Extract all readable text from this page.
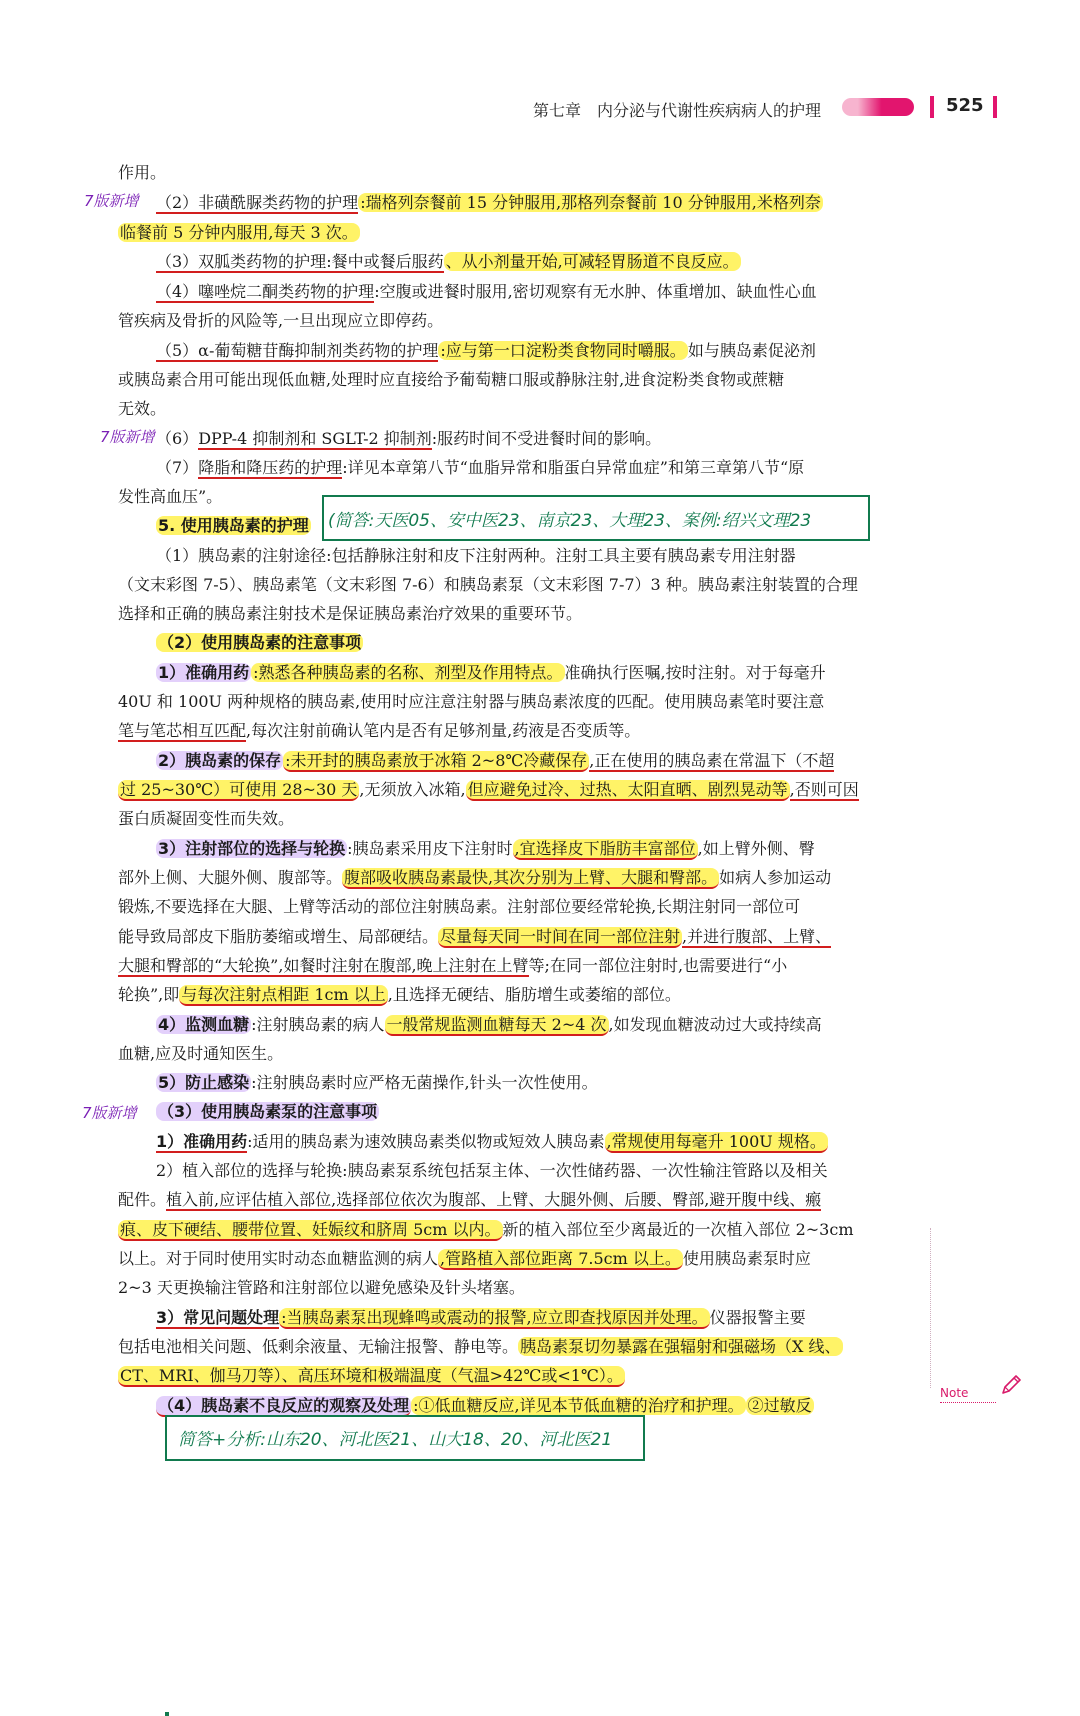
第七章　内分泌与代谢性疾病病人的护理	525
7版新增
7版新增
7版新增
(简答:天医05、安中医23、南京23、大理23、案例:绍兴文理23
作用。
（2）非磺酰脲类药物的护理 :瑞格列奈餐前 15 分钟服用,那格列奈餐前 10 分钟服用,米格列奈
临餐前 5 分钟内服用,每天 3 次。
（3）双胍类药物的护理:餐中或餐后服药 、从小剂量开始,可减轻胃肠道不良反应。
（4）噻唑烷二酮类药物的护理:空腹或进餐时服用,密切观察有无水肿、体重增加、缺血性心血
管疾病及骨折的风险等,一旦出现应立即停药。
（5）α-葡萄糖苷酶抑制剂类药物的护理 :应与第一口淀粉类食物同时嚼服。 如与胰岛素促泌剂
或胰岛素合用可能出现低血糖,处理时应直接给予葡萄糖口服或静脉注射,进食淀粉类食物或蔗糖
无效。
（6）DPP-4 抑制剂和 SGLT-2 抑制剂:服药时间不受进餐时间的影响。
（7）降脂和降压药的护理:详见本章第八节“血脂异常和脂蛋白异常血症”和第三章第八节“原
发性高血压”。
5. 使用胰岛素的护理
（1）胰岛素的注射途径:包括静脉注射和皮下注射两种。注射工具主要有胰岛素专用注射器
（文末彩图 7-5）、胰岛素笔（文末彩图 7-6）和胰岛素泵（文末彩图 7-7）3 种。胰岛素注射装置的合理
选择和正确的胰岛素注射技术是保证胰岛素治疗效果的重要环节。
（2）使用胰岛素的注意事项
1）准确用药 :熟悉各种胰岛素的名称、剂型及作用特点。 准确执行医嘱,按时注射。对于每毫升
40U 和 100U 两种规格的胰岛素,使用时应注意注射器与胰岛素浓度的匹配。使用胰岛素笔时要注意
笔与笔芯相互匹配,每次注射前确认笔内是否有足够剂量,药液是否变质等。
2）胰岛素的保存 :未开封的胰岛素放于冰箱 2~8℃冷藏保存 ,正在使用的胰岛素在常温下（不超
过 25~30℃）可使用 28~30 天 ,无须放入冰箱, 但应避免过冷、过热、太阳直晒、剧烈晃动等 ,否则可因
蛋白质凝固变性而失效。
3）注射部位的选择与轮换 :胰岛素采用皮下注射时 ,宜选择皮下脂肪丰富部位 ,如上臂外侧、臀
部外上侧、大腿外侧、腹部等。 腹部吸收胰岛素最快,其次分别为上臂、大腿和臀部。 如病人参加运动
锻炼,不要选择在大腿、上臂等活动的部位注射胰岛素。注射部位要经常轮换,长期注射同一部位可
能导致局部皮下脂肪萎缩或增生、局部硬结。 尽量每天同一时间在同一部位注射 ,并进行腹部、上臂、
大腿和臀部的“大轮换”,如餐时注射在腹部,晚上注射在上臂等;在同一部位注射时,也需要进行“小
轮换”,即 与每次注射点相距 1cm 以上 ,且选择无硬结、脂肪增生或萎缩的部位。
4）监测血糖 :注射胰岛素的病人 一般常规监测血糖每天 2~4 次 ,如发现血糖波动过大或持续高
血糖,应及时通知医生。
5）防止感染 :注射胰岛素时应严格无菌操作,针头一次性使用。
（3）使用胰岛素泵的注意事项
1）准确用药:适用的胰岛素为速效胰岛素类似物或短效人胰岛素 ,常规使用每毫升 100U 规格。
2）植入部位的选择与轮换:胰岛素泵系统包括泵主体、一次性储药器、一次性输注管路以及相关
配件。植入前,应评估植入部位,选择部位依次为腹部、上臂、大腿外侧、后腰、臀部,避开腹中线、瘢
痕、皮下硬结、腰带位置、妊娠纹和脐周 5cm 以内。 新的植入部位至少离最近的一次植入部位 2~3cm
以上。对于同时使用实时动态血糖监测的病人 ,管路植入部位距离 7.5cm 以上。 使用胰岛素泵时应
2~3 天更换输注管路和注射部位以避免感染及针头堵塞。
3）常见问题处理 :当胰岛素泵出现蜂鸣或震动的报警,应立即查找原因并处理。 仪器报警主要
包括电池相关问题、低剩余液量、无输注报警、静电等。 胰岛素泵切勿暴露在强辐射和强磁场（X 线、
CT、MRI、伽马刀等）、高压环境和极端温度（气温>42℃或<1℃）。
（4）胰岛素不良反应的观察及处理 :①低血糖反应,详见本节低血糖的治疗和护理。 ②过敏反
简答+分析:山东20、河北医21、山大18、20、河北医21
Note
